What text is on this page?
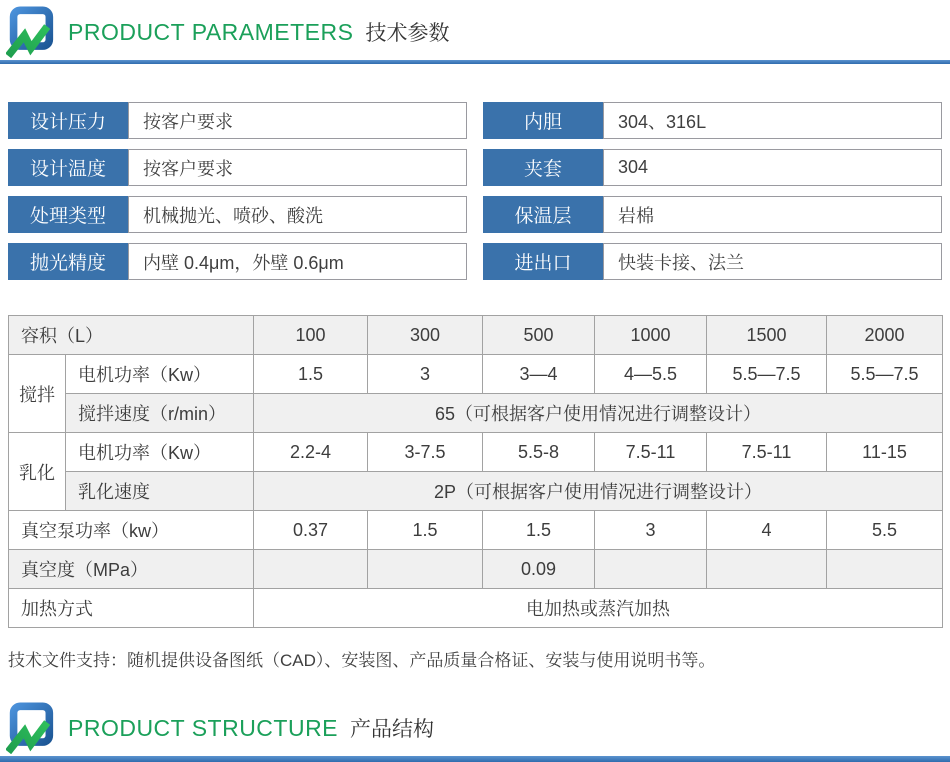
PRODUCT PARAMETERS 技术参数
设计压力	按客户要求
设计温度	按客户要求
处理类型	机械抛光、喷砂、酸洗
抛光精度	内壁 0.4μm，外壁 0.6μm
内胆	304、316L
夹套	304
保温层	岩棉
进出口	快装卡接、法兰
容积（L）		100	300	500	1000	1500	2000
搅拌	电机功率（Kw）	1.5	3	3—4	4—5.5	5.5—7.5	5.5—7.5
	搅拌速度（r/min）	65（可根据客户使用情况进行调整设计）					
乳化	电机功率（Kw）	2.2-4	3-7.5	5.5-8	7.5-11	7.5-11	11-15
	乳化速度	2P（可根据客户使用情况进行调整设计）					
真空泵功率（kw）		0.37	1.5	1.5	3	4	5.5
真空度（MPa）				0.09			
加热方式		电加热或蒸汽加热					
技术文件支持：随机提供设备图纸（CAD）、安装图、产品质量合格证、安装与使用说明书等。
PRODUCT STRUCTURE 产品结构
